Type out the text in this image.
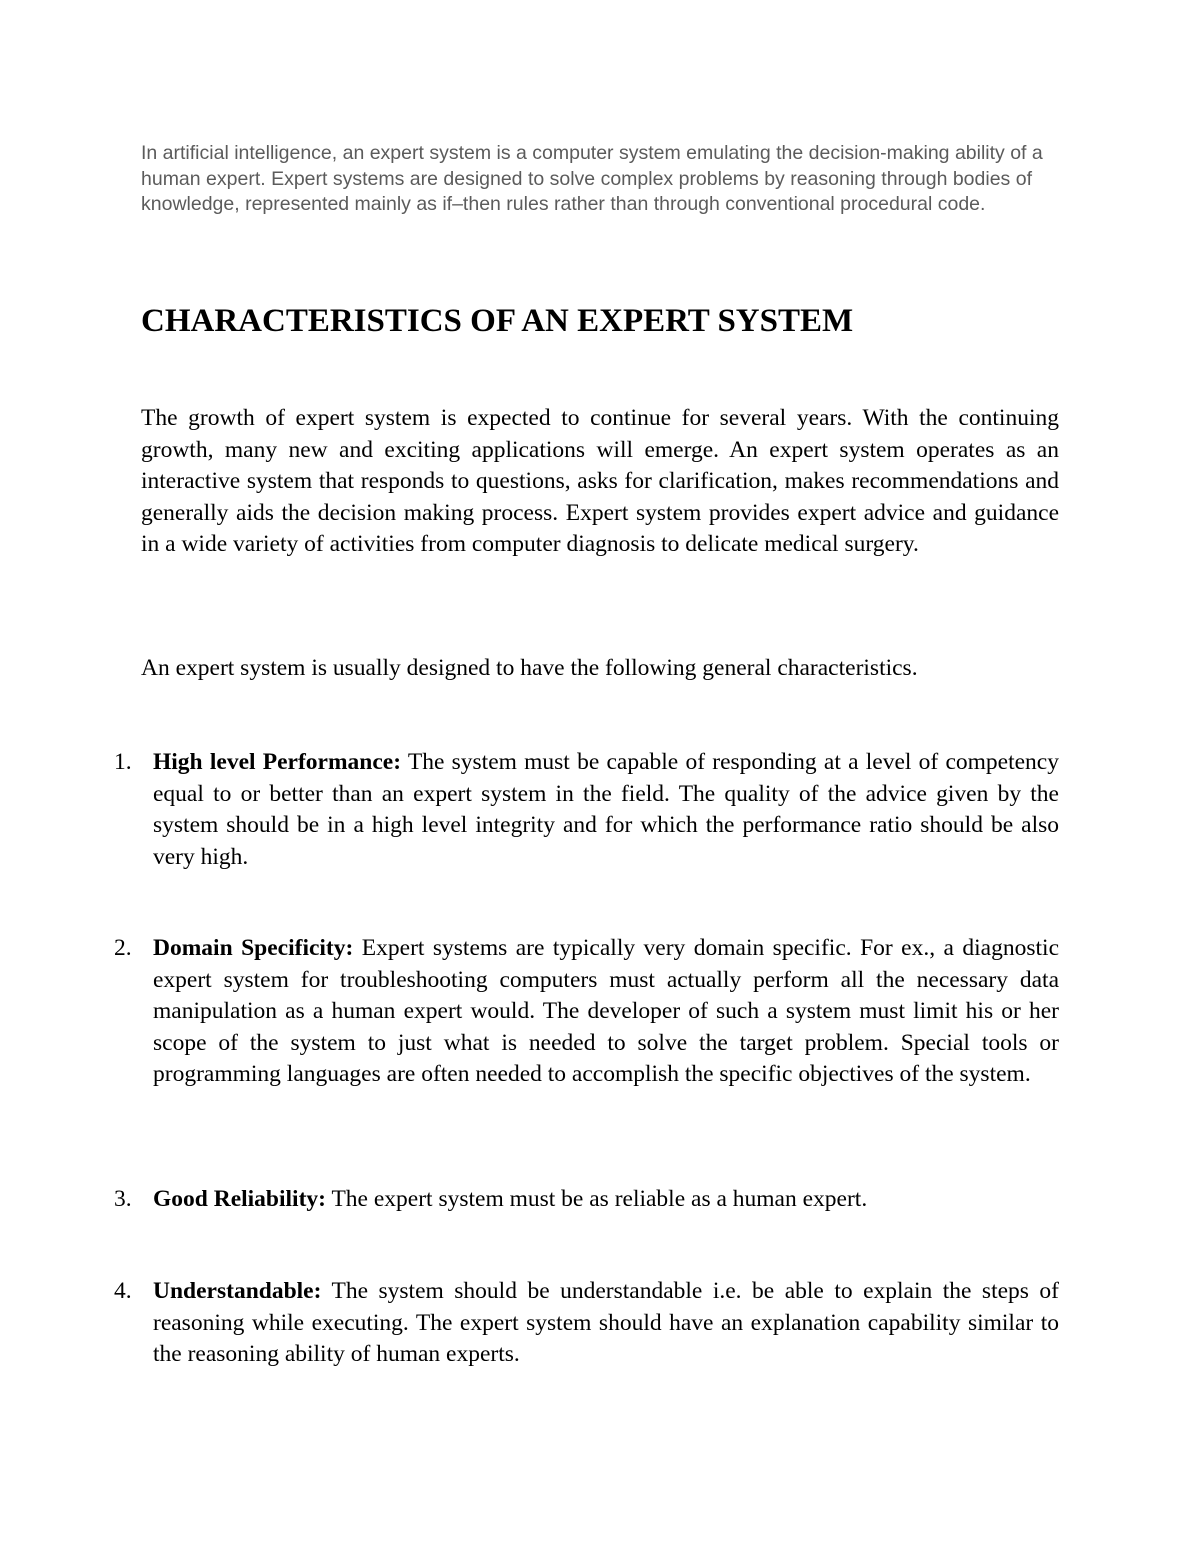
In artificial intelligence, an expert system is a computer system emulating the decision-making ability of a human expert. Expert systems are designed to solve complex problems by reasoning through bodies of knowledge, represented mainly as if–then rules rather than through conventional procedural code.

CHARACTERISTICS OF AN EXPERT SYSTEM

The growth of expert system is expected to continue for several years. With the continuing growth, many new and exciting applications will emerge. An expert system operates as an interactive system that responds to questions, asks for clarification, makes recommendations and generally aids the decision making process. Expert system provides expert advice and guidance in a wide variety of activities from computer diagnosis to delicate medical surgery.

An expert system is usually designed to have the following general characteristics.

1. High level Performance: The system must be capable of responding at a level of competency equal to or better than an expert system in the field. The quality of the advice given by the system should be in a high level integrity and for which the performance ratio should be also very high.
2. Domain Specificity: Expert systems are typically very domain specific. For ex., a diagnostic expert system for troubleshooting computers must actually perform all the necessary data manipulation as a human expert would. The developer of such a system must limit his or her scope of the system to just what is needed to solve the target problem. Special tools or programming languages are often needed to accomplish the specific objectives of the system.
3. Good Reliability: The expert system must be as reliable as a human expert.
4. Understandable: The system should be understandable i.e. be able to explain the steps of reasoning while executing. The expert system should have an explanation capability similar to the reasoning ability of human experts.
